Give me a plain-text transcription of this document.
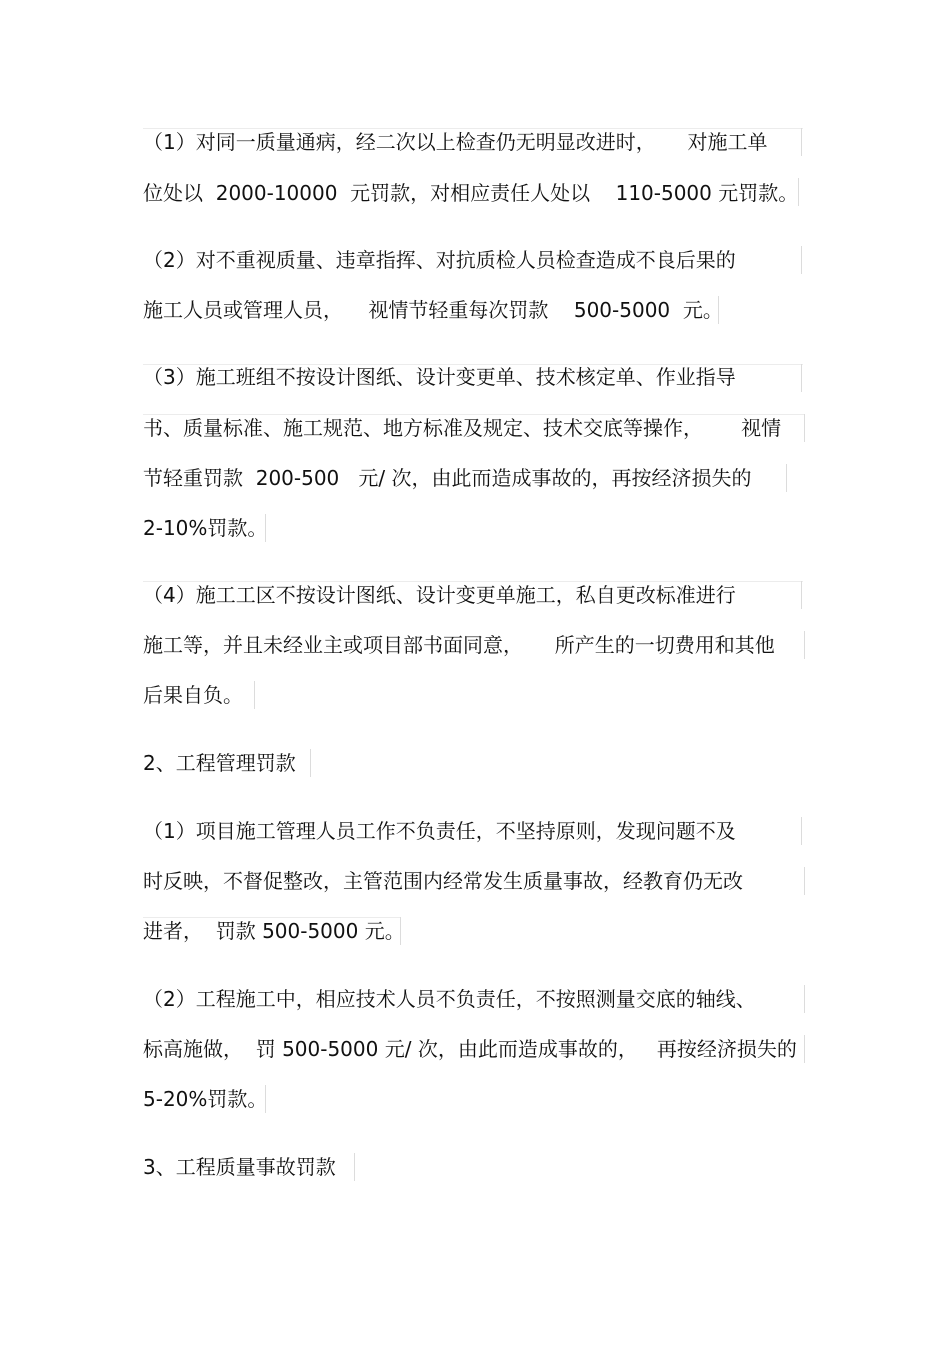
（1）对同一质量通病，经二次以上检查仍无明显改进时，     对施工单
位处以  2000-10000  元罚款，对相应责任人处以    110-5000 元罚款。
（2）对不重视质量、违章指挥、对抗质检人员检查造成不良后果的
施工人员或管理人员，    视情节轻重每次罚款    500-5000  元。
（3）施工班组不按设计图纸、设计变更单、技术核定单、作业指导
书、质量标准、施工规范、地方标准及规定、技术交底等操作，      视情
节轻重罚款  200-500   元/ 次，由此而造成事故的，再按经济损失的
2-10%罚款。
（4）施工工区不按设计图纸、设计变更单施工，私自更改标准进行
施工等，并且未经业主或项目部书面同意，     所产生的一切费用和其他
后果自负。
2、工程管理罚款
（1）项目施工管理人员工作不负责任，不坚持原则，发现问题不及
时反映，不督促整改，主管范围内经常发生质量事故，经教育仍无改
进者，  罚款 500-5000 元。
（2）工程施工中，相应技术人员不负责任，不按照测量交底的轴线、
标高施做，  罚 500-5000 元/ 次，由此而造成事故的，   再按经济损失的
5-20%罚款。
3、工程质量事故罚款
